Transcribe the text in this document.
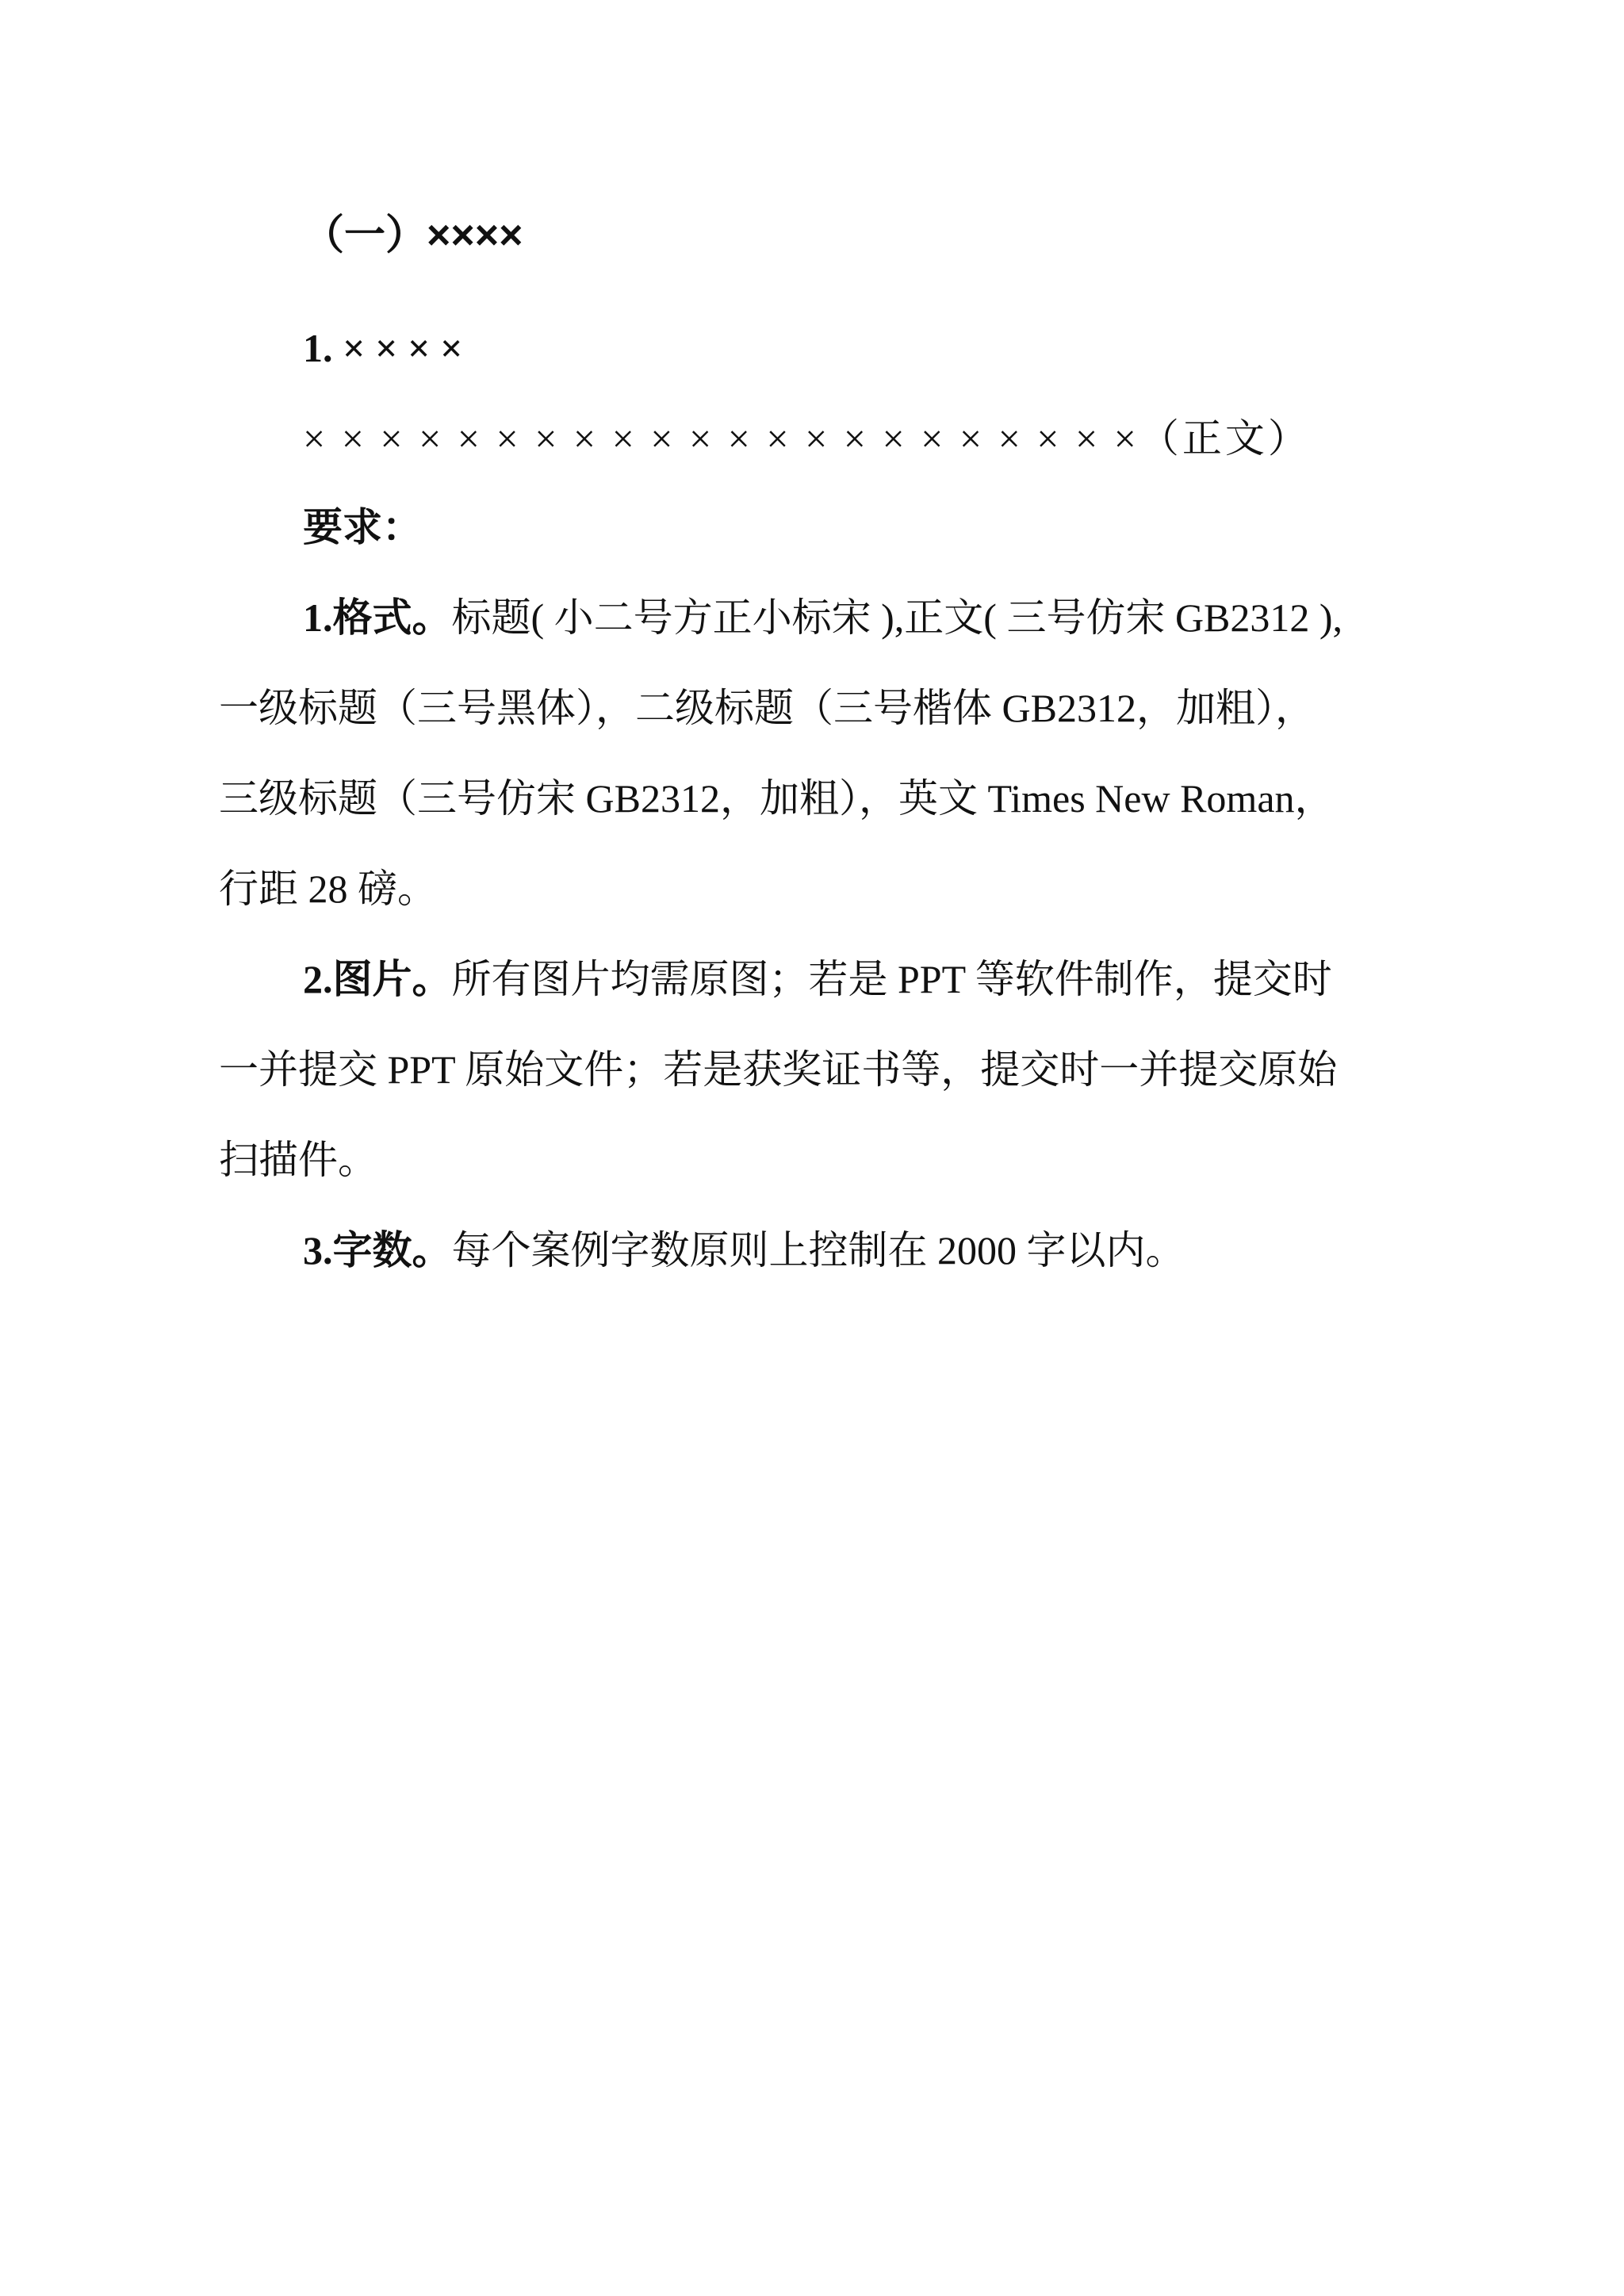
（一）××××
1. × × × ×
× × × × × × × × × × × × × × × × × × × × × ×（正文）
要求：
1.格式。标题( 小二号方正小标宋 ),正文( 三号仿宋 GB2312 ),
一级标题（三号黑体），二级标题（三号楷体 GB2312，加粗），
三级标题（三号仿宋 GB2312，加粗），英文 Times New Roman，
行距 28 磅。
2.图片。所有图片均需原图；若是 PPT 等软件制作，提交时
一并提交 PPT 原始文件；若是获奖证书等，提交时一并提交原始
扫描件。
3.字数。每个案例字数原则上控制在 2000 字以内。
